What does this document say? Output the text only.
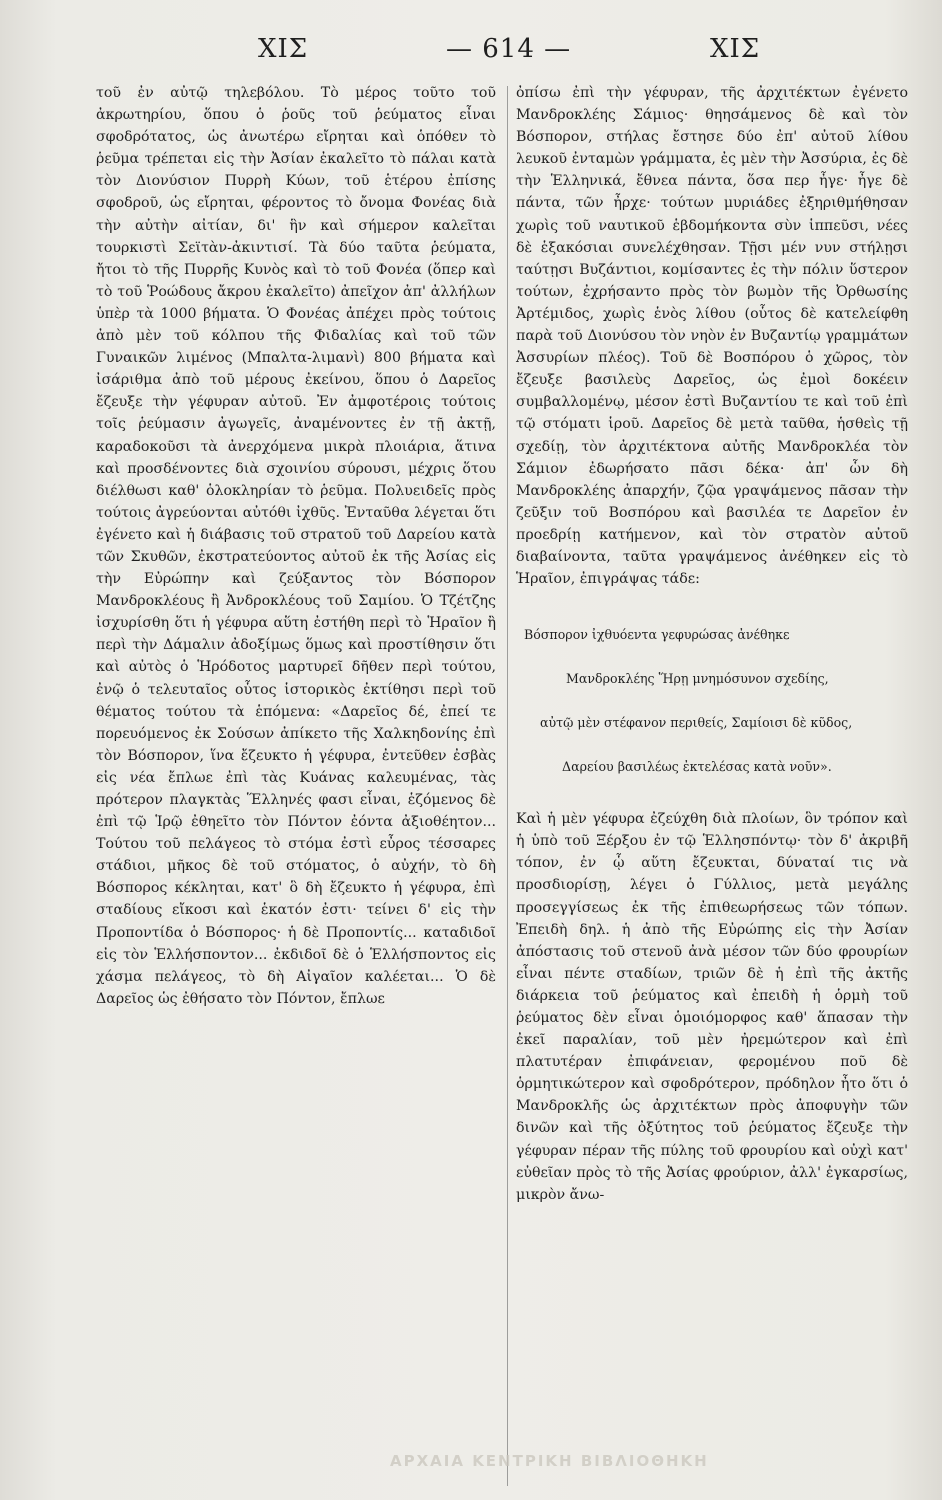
ΧΙΣ	— 614 —	ΧΙΣ

τοῦ ἐν αὐτῷ τηλεβόλου. Τὸ μέρος τοῦτο τοῦ ἀκρωτηρίου, ὅπου ὁ ῥοῦς τοῦ ῥεύματος εἶναι σφοδρότατος, ὡς ἀνωτέρω εἴρηται καὶ ὁπόθεν τὸ ῥεῦμα τρέπεται εἰς τὴν Ἀσίαν ἐκαλεῖτο τὸ πάλαι κατὰ τὸν Διονύσιον Πυρρὴ Κύων, τοῦ ἑτέρου ἐπίσης σφοδροῦ, ὡς εἴρηται, φέροντος τὸ ὄνομα Φονέας διὰ τὴν αὐτὴν αἰτίαν, δι' ἣν καὶ σήμερον καλεῖται τουρκιστὶ Σεϊτὰν-ἀκιντισί. Τὰ δύο ταῦτα ῥεύματα, ἤτοι τὸ τῆς Πυρρῆς Κυνὸς καὶ τὸ τοῦ Φονέα (ὅπερ καὶ τὸ τοῦ Ῥοώδους ἄκρου ἐκαλεῖτο) ἀπεῖχον ἀπ' ἀλλήλων ὑπὲρ τὰ 1000 βήματα. Ὁ Φονέας ἀπέχει πρὸς τούτοις ἀπὸ μὲν τοῦ κόλπου τῆς Φιδαλίας καὶ τοῦ τῶν Γυναικῶν λιμένος (Μπαλτα-λιμανὶ) 800 βήματα καὶ ἰσάριθμα ἀπὸ τοῦ μέρους ἐκείνου, ὅπου ὁ Δαρεῖος ἔζευξε τὴν γέφυραν αὐτοῦ. Ἐν ἀμφοτέροις τούτοις τοῖς ῥεύμασιν ἀγωγεῖς, ἀναμένοντες ἐν τῇ ἀκτῇ, καραδοκοῦσι τὰ ἀνερχόμενα μικρὰ πλοιάρια, ἅτινα καὶ προσδένοντες διὰ σχοινίου σύρουσι, μέχρις ὅτου διέλθωσι καθ' ὁλοκληρίαν τὸ ῥεῦμα. Πολυειδεῖς πρὸς τούτοις ἀγρεύονται αὐτόθι ἰχθῦς. Ἐνταῦθα λέγεται ὅτι ἐγένετο καὶ ἡ διάβασις τοῦ στρατοῦ τοῦ Δαρείου κατὰ τῶν Σκυθῶν, ἐκστρατεύοντος αὐτοῦ ἐκ τῆς Ἀσίας εἰς τὴν Εὐρώπην καὶ ζεύξαντος τὸν Βόσπορον Μανδροκλέους ἢ Ἀνδροκλέους τοῦ Σαμίου. Ὁ Τζέτζης ἰσχυρίσθη ὅτι ἡ γέφυρα αὕτη ἐστήθη περὶ τὸ Ἡραῖον ἢ περὶ τὴν Δάμαλιν ἀδοξίμως ὅμως καὶ προστίθησιν ὅτι καὶ αὐτὸς ὁ Ἡρόδοτος μαρτυρεῖ δῆθεν περὶ τούτου, ἐνῷ ὁ τελευταῖος οὗτος ἱστορικὸς ἐκτίθησι περὶ τοῦ θέματος τούτου τὰ ἑπόμενα: «Δαρεῖος δέ, ἐπεί τε πορευόμενος ἐκ Σούσων ἀπίκετο τῆς Χαλκηδονίης ἐπὶ τὸν Βόσπορον, ἵνα ἔζευκτο ἡ γέφυρα, ἐντεῦθεν ἐσβὰς εἰς νέα ἔπλωε ἐπὶ τὰς Κυάνας καλευμένας, τὰς πρότερον πλαγκτὰς Ἕλληνές φασι εἶναι, ἑζόμενος δὲ ἐπὶ τῷ Ἱρῷ ἐθηεῖτο τὸν Πόντον ἐόντα ἀξιοθέητον... Τούτου τοῦ πελάγεος τὸ στόμα ἐστὶ εὖρος τέσσαρες στάδιοι, μῆκος δὲ τοῦ στόματος, ὁ αὐχήν, τὸ δὴ Βόσπορος κέκληται, κατ' ὃ δὴ ἔζευκτο ἡ γέφυρα, ἐπὶ σταδίους εἴκοσι καὶ ἑκατόν ἐστι· τείνει δ' εἰς τὴν Προποντίδα ὁ Βόσπορος· ἡ δὲ Προποντίς... καταδιδοῖ εἰς τὸν Ἑλλήσποντον... ἐκδιδοῖ δὲ ὁ Ἑλλήσποντος εἰς χάσμα πελάγεος, τὸ δὴ Αἰγαῖον καλέεται... Ὁ δὲ Δαρεῖος ὡς ἐθήσατο τὸν Πόντον, ἔπλωε

ὀπίσω ἐπὶ τὴν γέφυραν, τῆς ἀρχιτέκτων ἐγένετο Μανδροκλέης Σάμιος· θηησάμενος δὲ καὶ τὸν Βόσπορον, στήλας ἔστησε δύο ἐπ' αὐτοῦ λίθου λευκοῦ ἐνταμὼν γράμματα, ἐς μὲν τὴν Ἀσσύρια, ἐς δὲ τὴν Ἑλληνικά, ἔθνεα πάντα, ὅσα περ ἦγε· ἦγε δὲ πάντα, τῶν ἦρχε· τούτων μυριάδες ἐξηριθμήθησαν χωρὶς τοῦ ναυτικοῦ ἑβδομήκοντα σὺν ἱππεῦσι, νέες δὲ ἑξακόσιαι συνελέχθησαν. Τῇσι μέν νυν στήλῃσι ταύτῃσι Βυζάντιοι, κομίσαντες ἐς τὴν πόλιν ὕστερον τούτων, ἐχρήσαντο πρὸς τὸν βωμὸν τῆς Ὀρθωσίης Ἀρτέμιδος, χωρὶς ἑνὸς λίθου (οὗτος δὲ κατελείφθη παρὰ τοῦ Διονύσου τὸν νηὸν ἐν Βυζαντίῳ γραμμάτων Ἀσσυρίων πλέος). Τοῦ δὲ Βοσπόρου ὁ χῶρος, τὸν ἔζευξε βασιλεὺς Δαρεῖος, ὡς ἐμοὶ δοκέειν συμβαλλομένῳ, μέσον ἐστὶ Βυζαντίου τε καὶ τοῦ ἐπὶ τῷ στόματι ἱροῦ. Δαρεῖος δὲ μετὰ ταῦθα, ἡσθεὶς τῇ σχεδίῃ, τὸν ἀρχιτέκτονα αὐτῆς Μανδροκλέα τὸν Σάμιον ἐδωρήσατο πᾶσι δέκα· ἀπ' ὧν δὴ Μανδροκλέης ἀπαρχήν, ζῷα γραψάμενος πᾶσαν τὴν ζεῦξιν τοῦ Βοσπόρου καὶ βασιλέα τε Δαρεῖον ἐν προεδρίῃ κατήμενον, καὶ τὸν στρατὸν αὐτοῦ διαβαίνοντα, ταῦτα γραψάμενος ἀνέθηκεν εἰς τὸ Ἡραῖον, ἐπιγράψας τάδε:

Βόσπορον ἰχθυόεντα γεφυρώσας ἀνέθηκε

Μανδροκλέης Ἥρῃ μνημόσυνον σχεδίης,

αὐτῷ μὲν στέφανον περιθείς, Σαμίοισι δὲ κῦδος,

Δαρείου βασιλέως ἐκτελέσας κατὰ νοῦν».

Καὶ ἡ μὲν γέφυρα ἐζεύχθη διὰ πλοίων, ὃν τρόπον καὶ ἡ ὑπὸ τοῦ Ξέρξου ἐν τῷ Ἑλλησπόντῳ· τὸν δ' ἀκριβῆ τόπον, ἐν ᾧ αὕτη ἔζευκται, δύναταί τις νὰ προσδιορίσῃ, λέγει ὁ Γύλλιος, μετὰ μεγάλης προσεγγίσεως ἐκ τῆς ἐπιθεωρήσεως τῶν τόπων. Ἐπειδὴ δηλ. ἡ ἀπὸ τῆς Εὐρώπης εἰς τὴν Ἀσίαν ἀπόστασις τοῦ στενοῦ ἀνὰ μέσον τῶν δύο φρουρίων εἶναι πέντε σταδίων, τριῶν δὲ ἡ ἐπὶ τῆς ἀκτῆς διάρκεια τοῦ ῥεύματος καὶ ἐπειδὴ ἡ ὁρμὴ τοῦ ῥεύματος δὲν εἶναι ὁμοιόμορφος καθ' ἅπασαν τὴν ἐκεῖ παραλίαν, τοῦ μὲν ἠρεμώτερον καὶ ἐπὶ πλατυτέραν ἐπιφάνειαν, φερομένου ποῦ δὲ ὁρμητικώτερον καὶ σφοδρότερον, πρόδηλον ἦτο ὅτι ὁ Μανδροκλῆς ὡς ἀρχιτέκτων πρὸς ἀποφυγὴν τῶν δινῶν καὶ τῆς ὀξύτητος τοῦ ῥεύματος ἔζευξε τὴν γέφυραν πέραν τῆς πύλης τοῦ φρουρίου καὶ οὐχὶ κατ' εὐθεῖαν πρὸς τὸ τῆς Ἀσίας φρούριον, ἀλλ' ἐγκαρσίως, μικρὸν ἄνω-

ΑΡΧΑΙΑ ΚΕΝΤΡΙΚΗ ΒΙΒΛΙΟΘΗΚΗ
